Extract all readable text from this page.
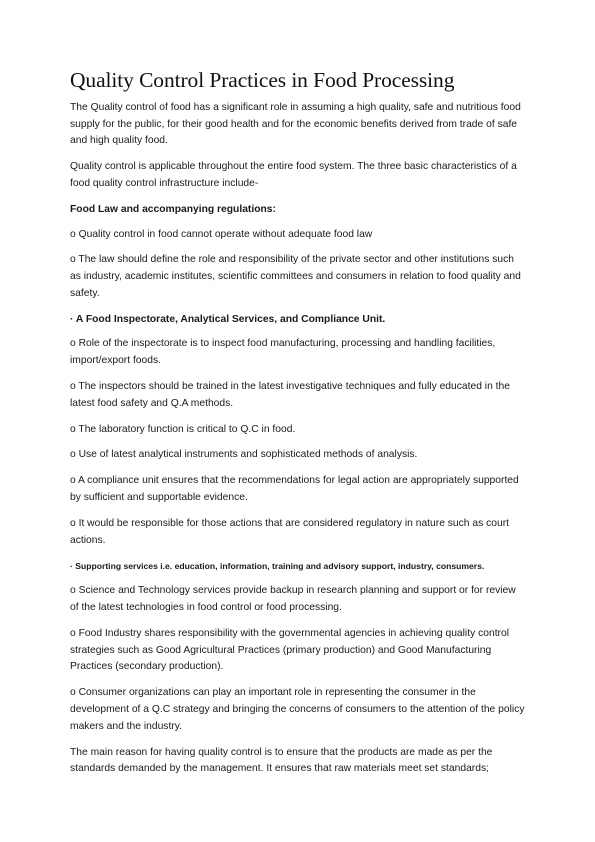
Quality Control Practices in Food Processing

The Quality control of food has a significant role in assuming a high quality, safe and nutritious food supply for the public, for their good health and for the economic benefits derived from trade of safe and high quality food.

Quality control is applicable throughout the entire food system. The three basic characteristics of a food quality control infrastructure include-

Food Law and accompanying regulations:

o Quality control in food cannot operate without adequate food law

o The law should define the role and responsibility of the private sector and other institutions such as industry, academic institutes, scientific committees and consumers in relation to food quality and safety.

· A Food Inspectorate, Analytical Services, and Compliance Unit.

o Role of the inspectorate is to inspect food manufacturing, processing and handling facilities, import/export foods.

o The inspectors should be trained in the latest investigative techniques and fully educated in the latest food safety and Q.A methods.

o The laboratory function is critical to Q.C in food.

o Use of latest analytical instruments and sophisticated methods of analysis.

o A compliance unit ensures that the recommendations for legal action are appropriately supported by sufficient and supportable evidence.

o It would be responsible for those actions that are considered regulatory in nature such as court actions.

· Supporting services i.e. education, information, training and advisory support, industry, consumers.

o Science and Technology services provide backup in research planning and support or for review of the latest technologies in food control or food processing.

o Food Industry shares responsibility with the governmental agencies in achieving quality control strategies such as Good Agricultural Practices (primary production) and Good Manufacturing Practices (secondary production).

o Consumer organizations can play an important role in representing the consumer in the development of a Q.C strategy and bringing the concerns of consumers to the attention of the policy makers and the industry.

The main reason for having quality control is to ensure that the products are made as per the standards demanded by the management. It ensures that raw materials meet set standards;
